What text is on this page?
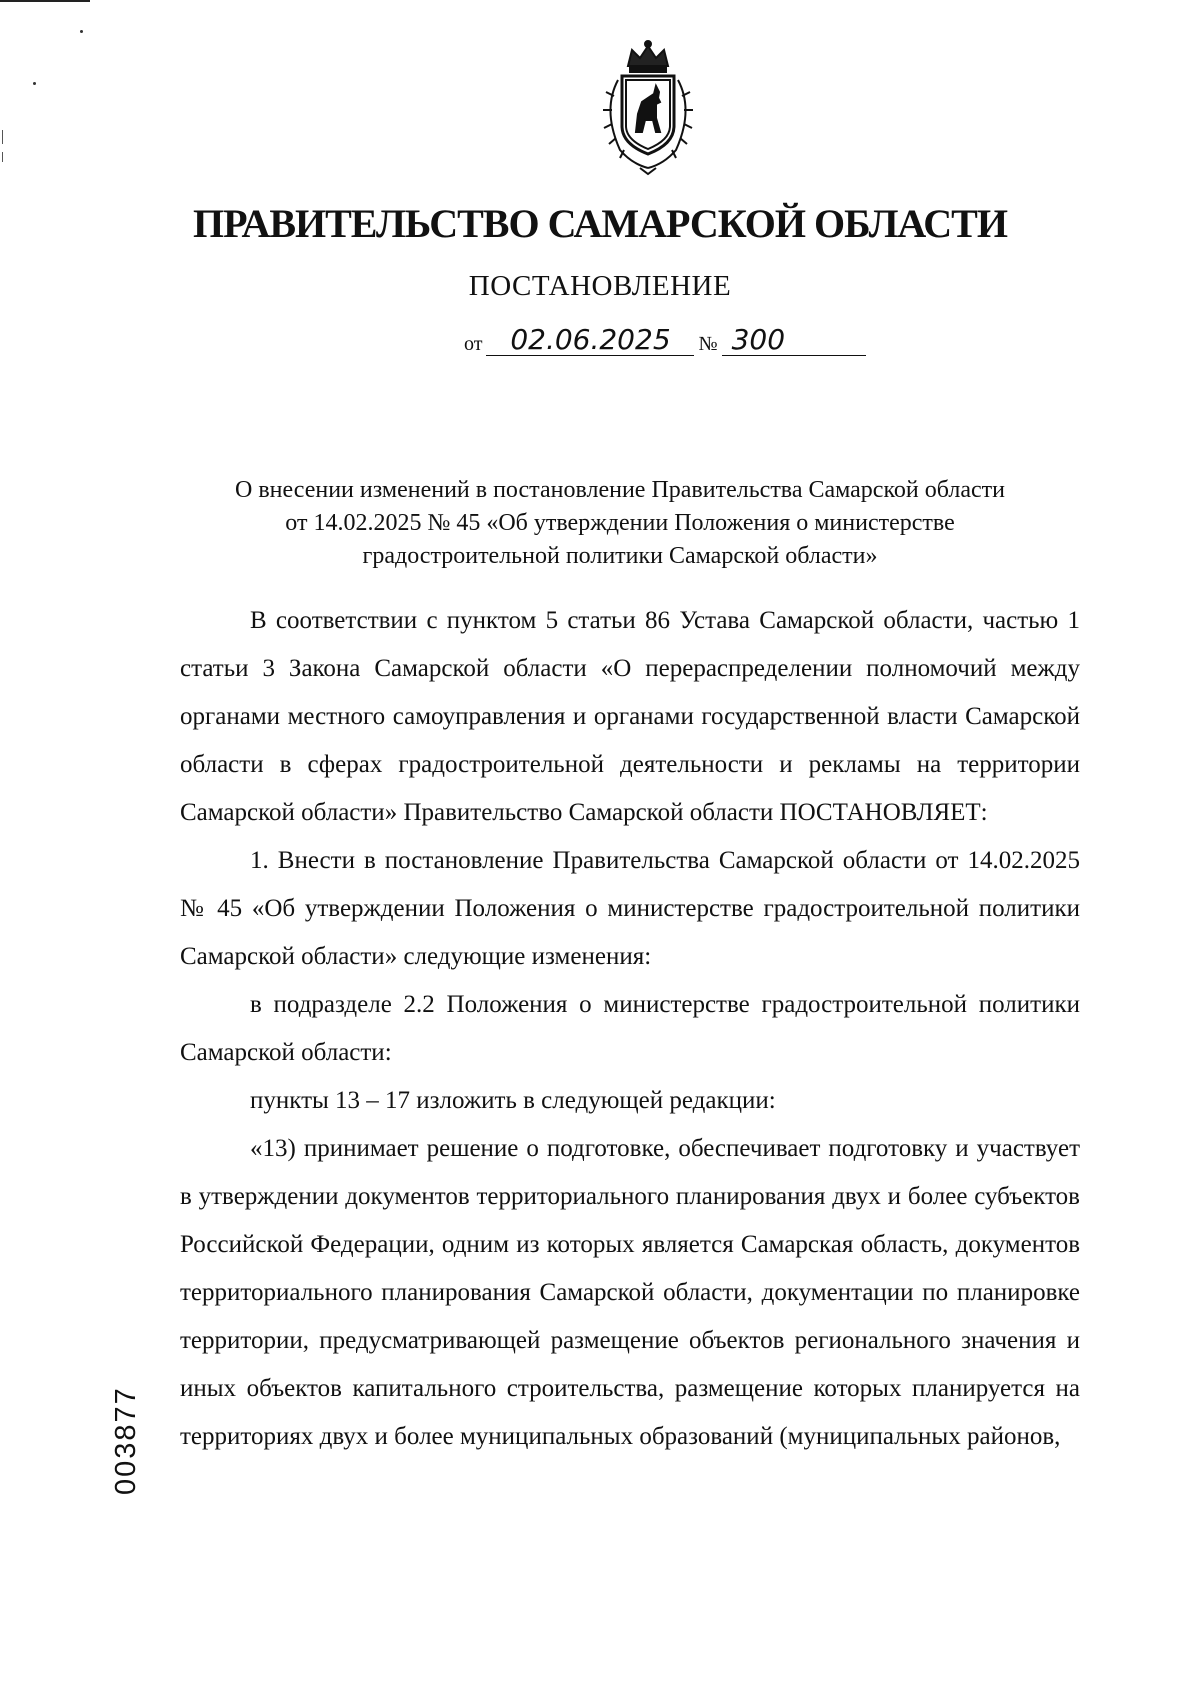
ПРАВИТЕЛЬСТВО САМАРСКОЙ ОБЛАСТИ
ПОСТАНОВЛЕНИЕ
от 02.06.2025	№ 300
О внесении изменений в постановление Правительства Самарской области
от 14.02.2025 № 45 «Об утверждении Положения о министерстве
градостроительной политики Самарской области»

В соответствии с пунктом 5 статьи 86 Устава Самарской области, частью 1 статьи 3 Закона Самарской области «О перераспределении полномочий между органами местного самоуправления и органами государственной власти Самарской области в сферах градостроительной деятельности и рекламы на территории Самарской области» Правительство Самарской области ПОСТАНОВЛЯЕТ:

1. Внести в постановление Правительства Самарской области от 14.02.2025 № 45 «Об утверждении Положения о министерстве градостроительной политики Самарской области» следующие изменения:

в подразделе 2.2 Положения о министерстве градостроительной политики Самарской области:

пункты 13 – 17 изложить в следующей редакции:

«13) принимает решение о подготовке, обеспечивает подготовку и участвует в утверждении документов территориального планирования двух и более субъектов Российской Федерации, одним из которых является Самарская область, документов территориального планирования Самарской области, документации по планировке территории, предусматривающей размещение объектов регионального значения и иных объектов капитального строительства, размещение которых планируется на территориях двух и более муниципальных образований (муниципальных районов,

003877
